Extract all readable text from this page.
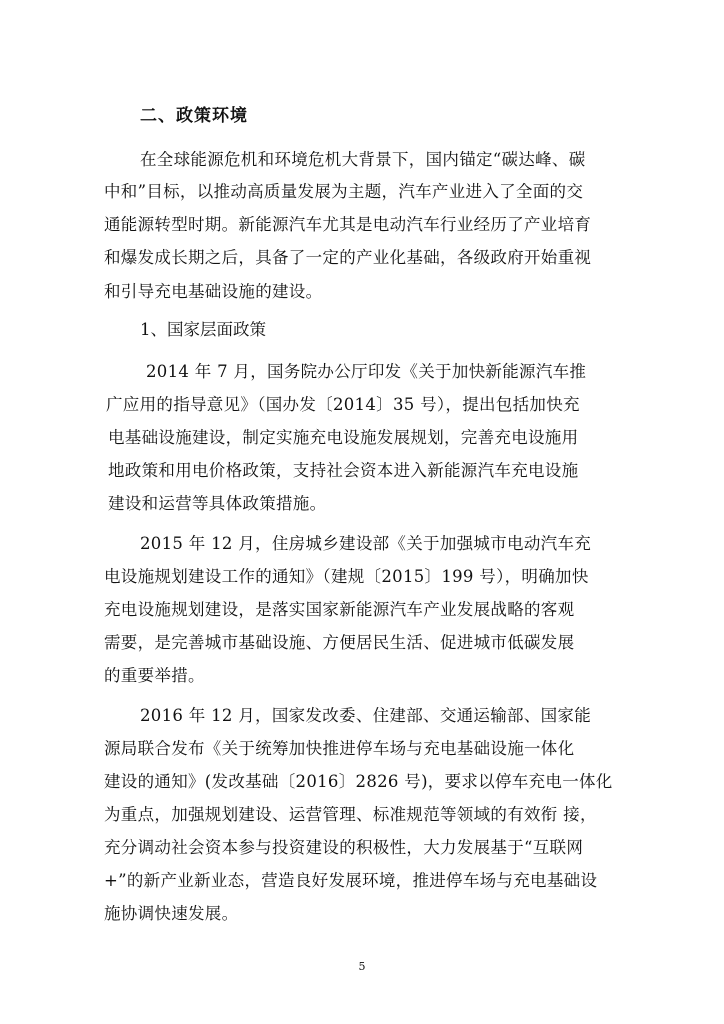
二、政策环境
在全球能源危机和环境危机大背景下，国内锚定“碳达峰、碳
中和”目标，以推动高质量发展为主题，汽车产业进入了全面的交
通能源转型时期。新能源汽车尤其是电动汽车行业经历了产业培育
和爆发成长期之后，具备了一定的产业化基础，各级政府开始重视
和引导充电基础设施的建设。
1、国家层面政策
2014 年 7 月，国务院办公厅印发《关于加快新能源汽车推
广应用的指导意见》（国办发〔2014〕35 号），提出包括加快充
电基础设施建设，制定实施充电设施发展规划，完善充电设施用
地政策和用电价格政策，支持社会资本进入新能源汽车充电设施
建设和运营等具体政策措施。
2015 年 12 月，住房城乡建设部《关于加强城市电动汽车充
电设施规划建设工作的通知》（建规〔2015〕199 号），明确加快
充电设施规划建设，是落实国家新能源汽车产业发展战略的客观
需要，是完善城市基础设施、方便居民生活、促进城市低碳发展
的重要举措。
2016 年 12 月，国家发改委、住建部、交通运输部、国家能
源局联合发布《关于统筹加快推进停车场与充电基础设施一体化
建设的通知》(发改基础〔2016〕2826 号)，要求以停车充电一体化
为重点，加强规划建设、运营管理、标准规范等领域的有效衔 接，
充分调动社会资本参与投资建设的积极性，大力发展基于“互联网
+”的新产业新业态，营造良好发展环境，推进停车场与充电基础设
施协调快速发展。
5
